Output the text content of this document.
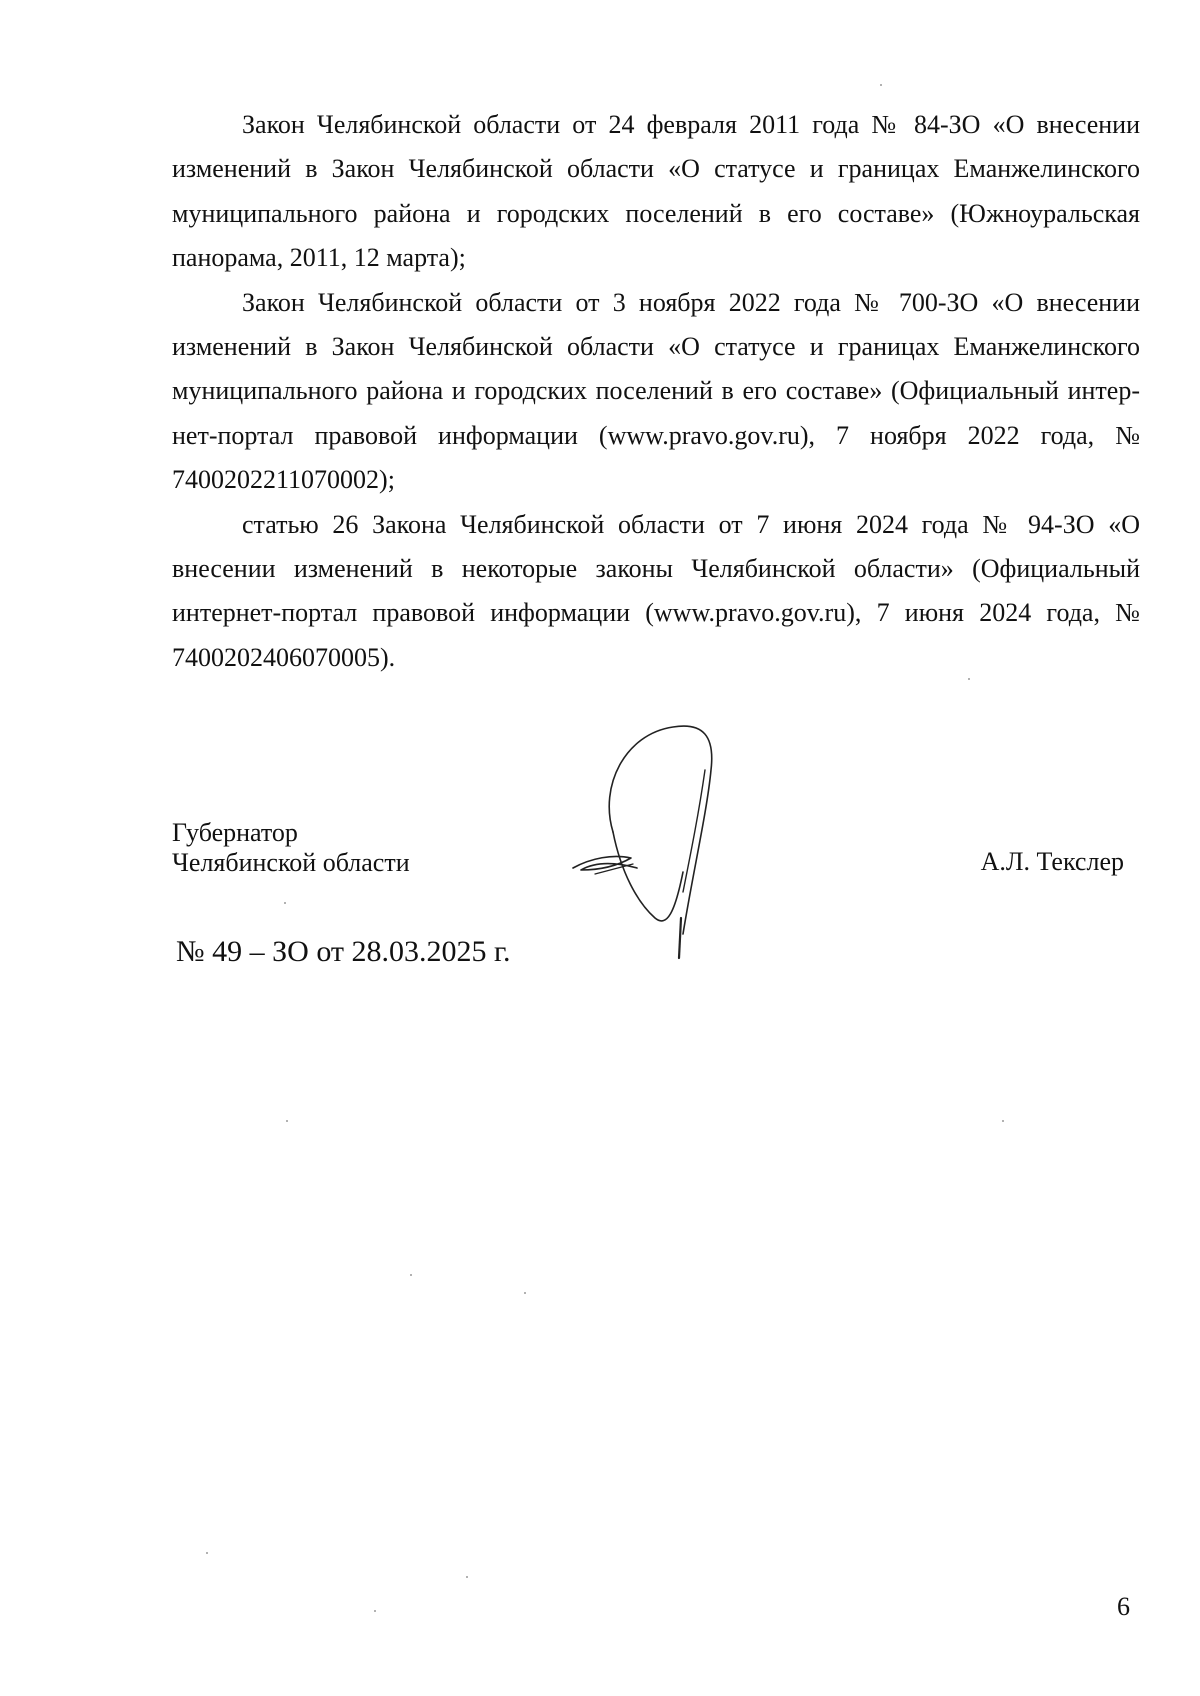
Закон Челябинской области от 24 февраля 2011 года № 84-ЗО «О внесении изменений в Закон Челябинской области «О статусе и границах Еманжелинского муниципального района и городских поселений в его составе» (Южноуральская панорама, 2011, 12 марта);

Закон Челябинской области от 3 ноября 2022 года № 700-ЗО «О внесении изменений в Закон Челябинской области «О статусе и границах Еманжелинского муниципального района и городских поселений в его составе» (Официальный интернет-портал правовой информации (www.pravo.gov.ru), 7 ноября 2022 года, № 7400202211070002);

статью 26 Закона Челябинской области от 7 июня 2024 года № 94-ЗО «О внесении изменений в некоторые законы Челябинской области» (Официальный интернет-портал правовой информации (www.pravo.gov.ru), 7 июня 2024 года, № 7400202406070005).

Губернатор
Челябинской области	А.Л. Текслер
№ 49 – ЗО от 28.03.2025 г.
6
